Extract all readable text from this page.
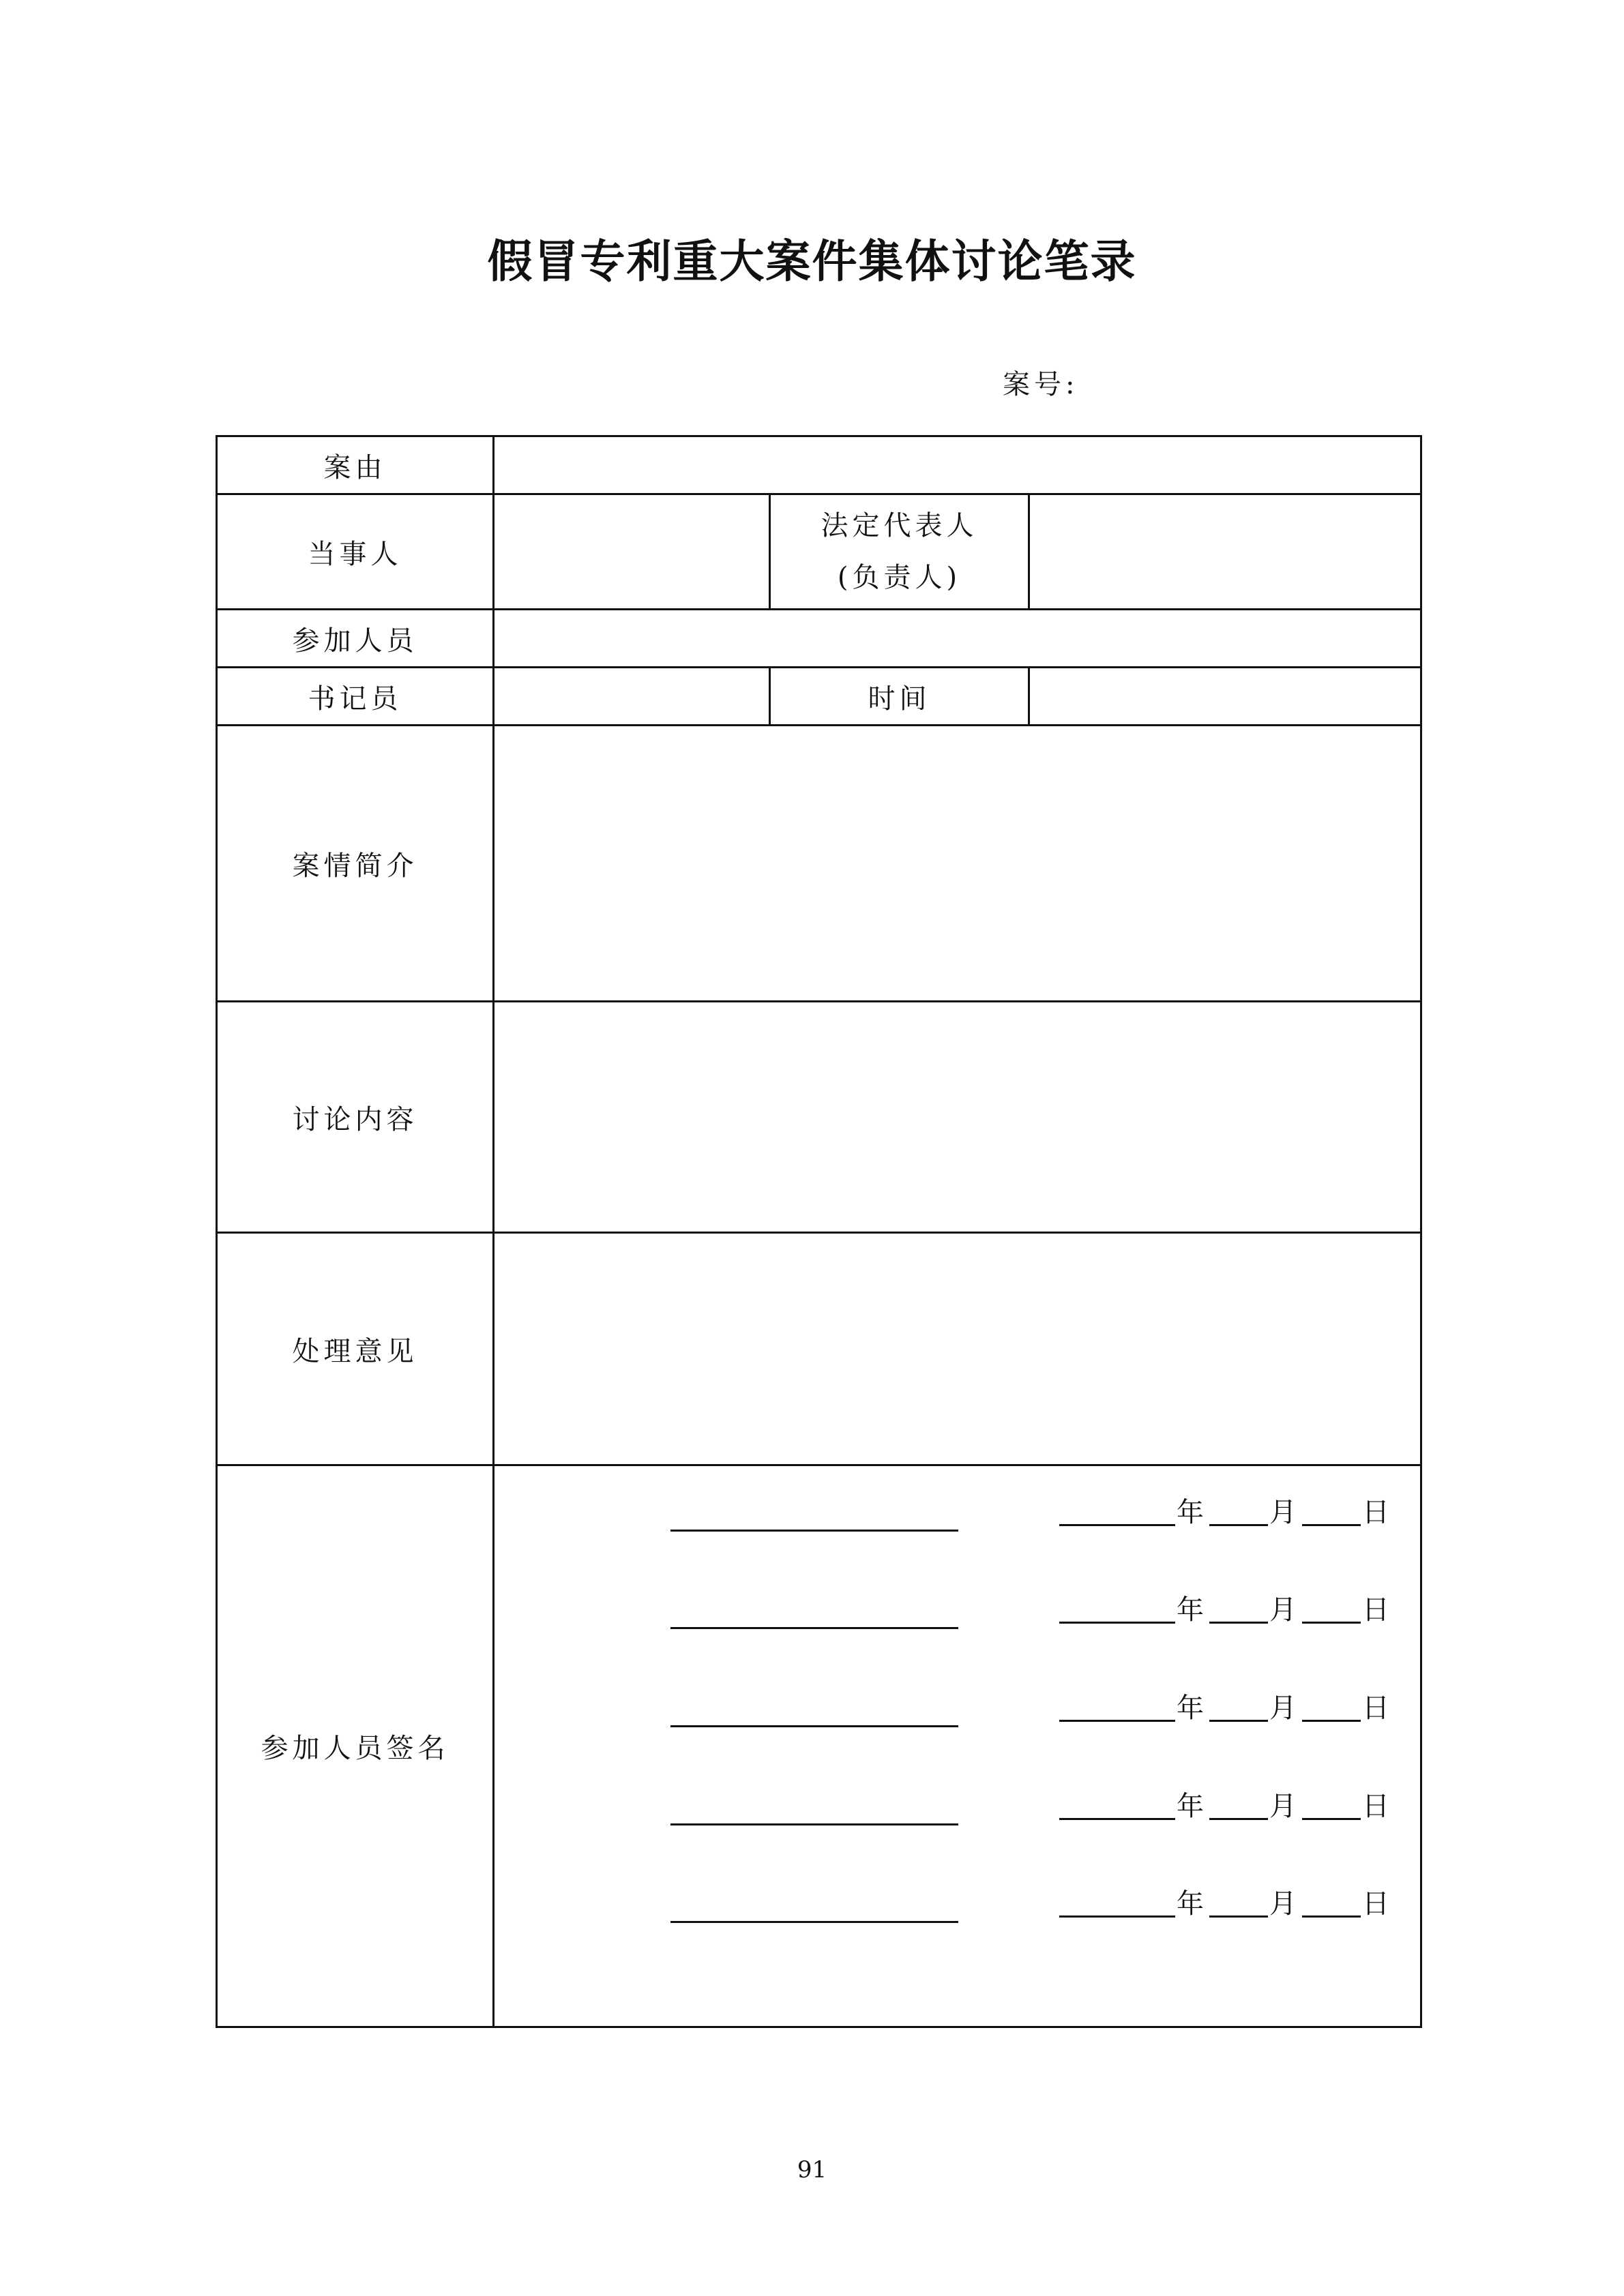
假冒专利重大案件集体讨论笔录
案号:
案由			
当事人		法定代表人
(负责人)	

参加人员			
书记员		时间	
案情简介			
讨论内容			
处理意见			
参加人员签名	年 月 日
年 月 日
年 月 日
年 月 日
年 月 日		
91
